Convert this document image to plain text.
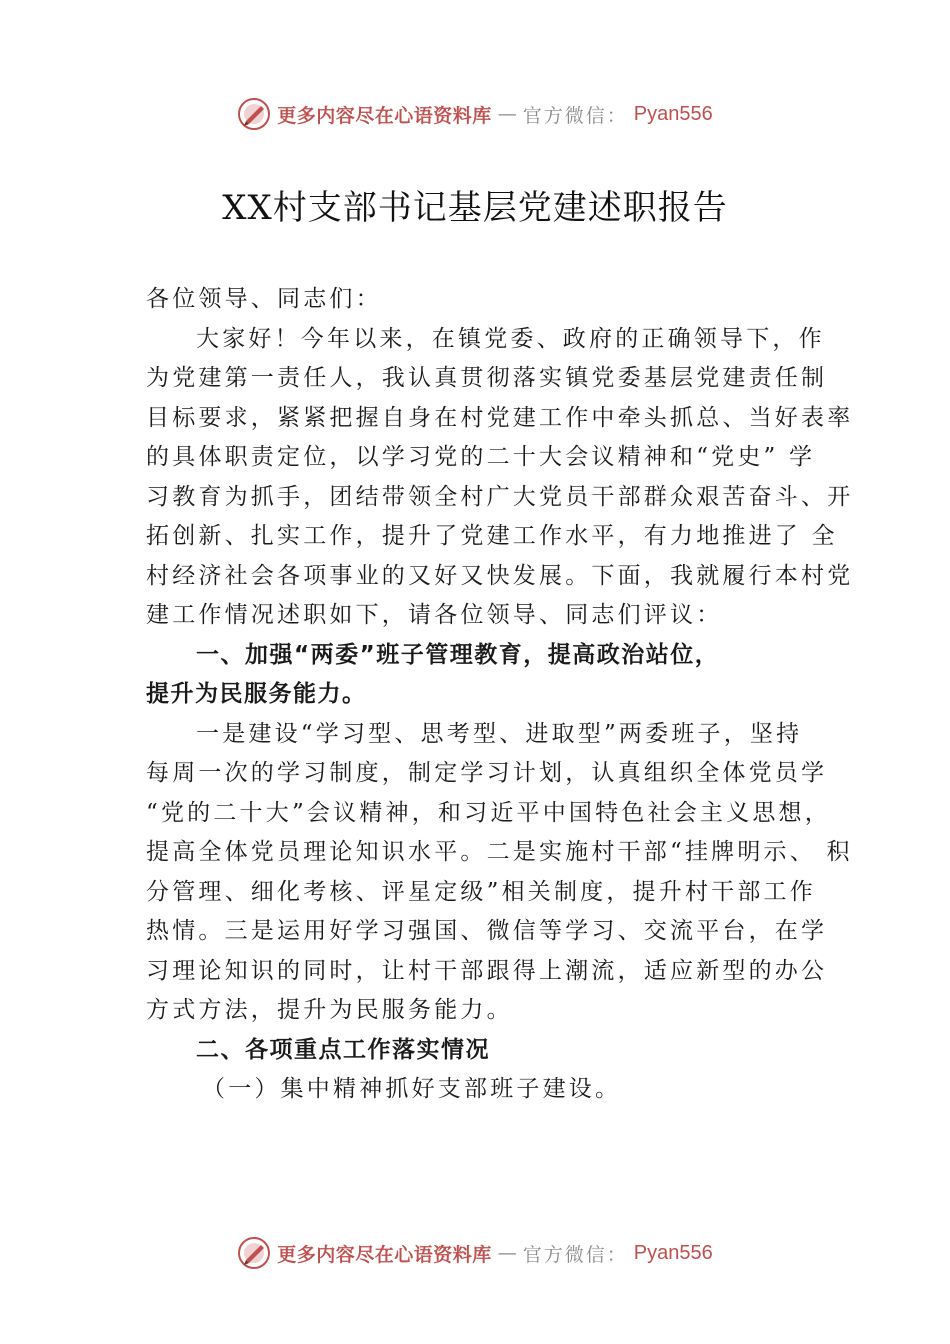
更多内容尽在心语资料库 — 官方微信： Pyan556
XX村支部书记基层党建述职报告
各位领导、同志们：
大家好！今年以来，在镇党委、政府的正确领导下，作
为党建第一责任人，我认真贯彻落实镇党委基层党建责任制
目标要求，紧紧把握自身在村党建工作中牵头抓总、当好表率
的具体职责定位，以学习党的二十大会议精神和“党史” 学
习教育为抓手，团结带领全村广大党员干部群众艰苦奋斗、开
拓创新、扎实工作，提升了党建工作水平，有力地推进了 全
村经济社会各项事业的又好又快发展。下面，我就履行本村党
建工作情况述职如下，请各位领导、同志们评议：
一、加强“两委”班子管理教育，提高政治站位，
提升为民服务能力。
一是建设“学习型、思考型、进取型”两委班子，坚持
每周一次的学习制度，制定学习计划，认真组织全体党员学
“党的二十大”会议精神，和习近平中国特色社会主义思想，
提高全体党员理论知识水平。二是实施村干部“挂牌明示、 积
分管理、细化考核、评星定级”相关制度，提升村干部工作
热情。三是运用好学习强国、微信等学习、交流平台，在学
习理论知识的同时，让村干部跟得上潮流，适应新型的办公
方式方法，提升为民服务能力。
二、各项重点工作落实情况
（一）集中精神抓好支部班子建设。
更多内容尽在心语资料库 — 官方微信： Pyan556
